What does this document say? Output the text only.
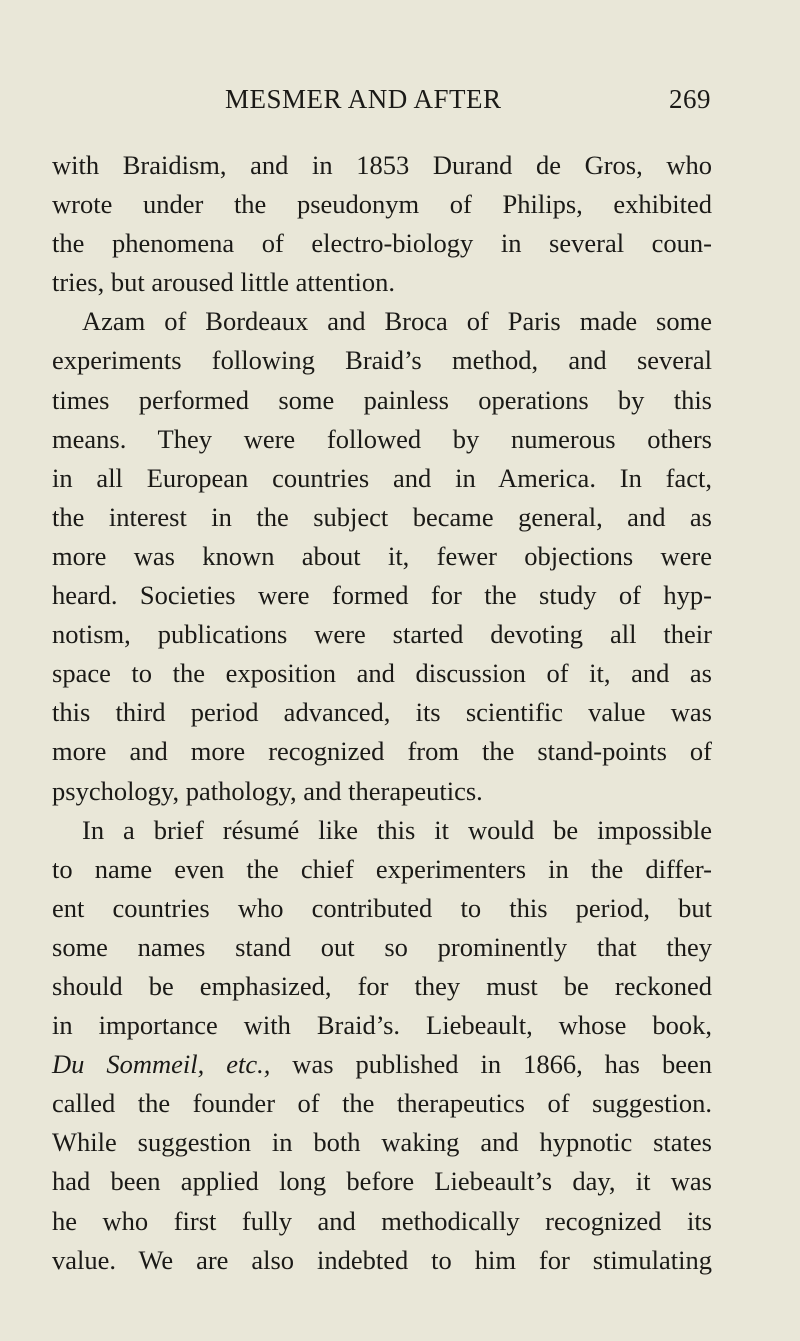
MESMER AND AFTER	269
with Braidism, and in 1853 Durand de Gros, who
wrote under the pseudonym of Philips, exhibited
the phenomena of electro-biology in several coun-
tries, but aroused little attention.
Azam of Bordeaux and Broca of Paris made some
experiments following Braid’s method, and several
times performed some painless operations by this
means. They were followed by numerous others
in all European countries and in America. In fact,
the interest in the subject became general, and as
more was known about it, fewer objections were
heard. Societies were formed for the study of hyp-
notism, publications were started devoting all their
space to the exposition and discussion of it, and as
this third period advanced, its scientific value was
more and more recognized from the stand-points of
psychology, pathology, and therapeutics.
In a brief résumé like this it would be impossible
to name even the chief experimenters in the differ-
ent countries who contributed to this period, but
some names stand out so prominently that they
should be emphasized, for they must be reckoned
in importance with Braid’s. Liebeault, whose book,
Du Sommeil, etc., was published in 1866, has been
called the founder of the therapeutics of suggestion.
While suggestion in both waking and hypnotic states
had been applied long before Liebeault’s day, it was
he who first fully and methodically recognized its
value. We are also indebted to him for stimulating
